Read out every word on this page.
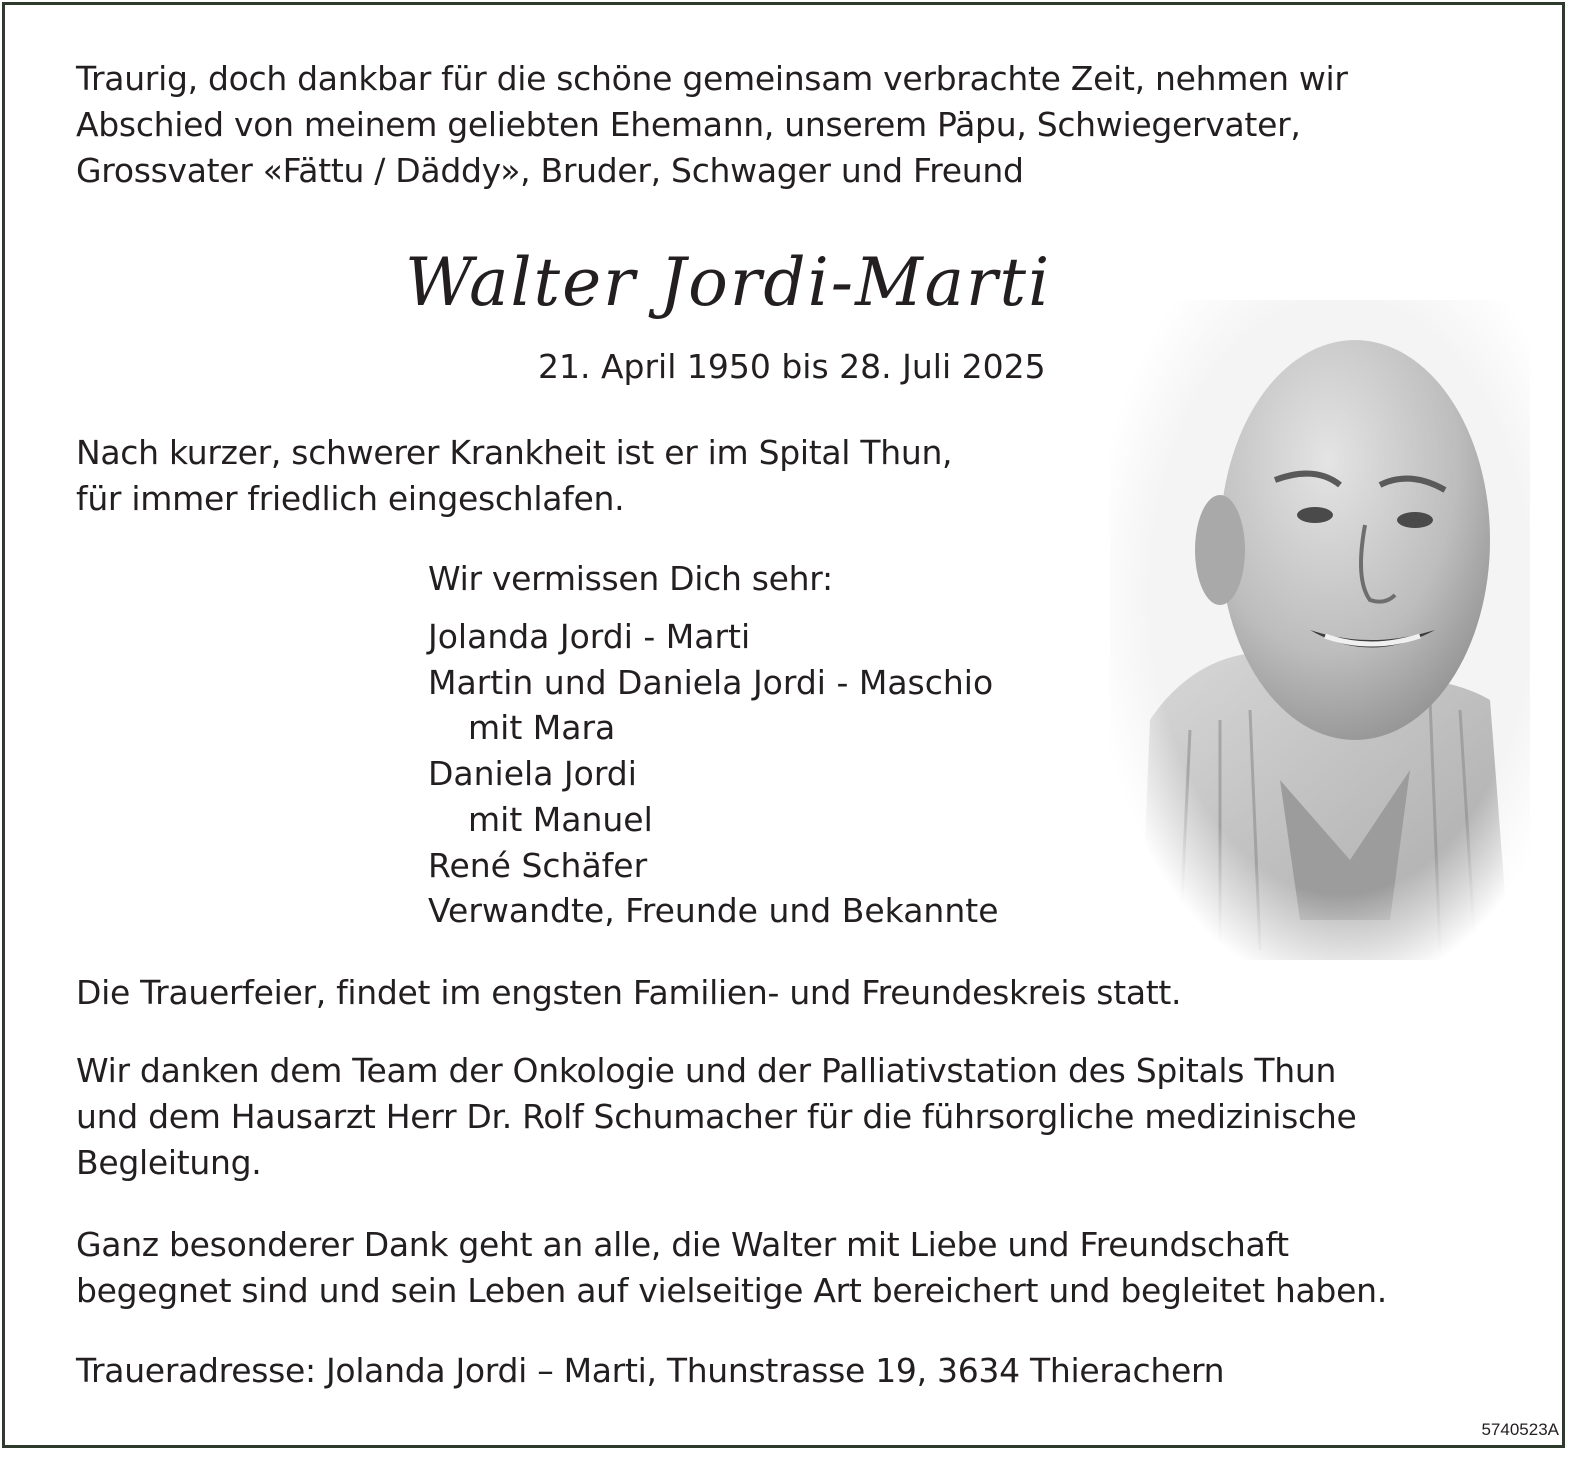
Traurig, doch dankbar für die schöne gemeinsam verbrachte Zeit, nehmen wir
Abschied von meinem geliebten Ehemann, unserem Päpu, Schwiegervater,
Grossvater «Fättu / Däddy», Bruder, Schwager und Freund

Walter Jordi-Marti
21. April 1950 bis 28. Juli 2025

Nach kurzer, schwerer Krankheit ist er im Spital Thun,
für immer friedlich eingeschlafen.

Wir vermissen Dich sehr:

Jolanda Jordi - Marti
Martin und Daniela Jordi - Maschio
mit Mara
Daniela Jordi
mit Manuel
René Schäfer
Verwandte, Freunde und Bekannte

Die Trauerfeier, findet im engsten Familien- und Freundeskreis statt.

Wir danken dem Team der Onkologie und der Palliativstation des Spitals Thun
und dem Hausarzt Herr Dr. Rolf Schumacher für die führsorgliche medizinische
Begleitung.

Ganz besonderer Dank geht an alle, die Walter mit Liebe und Freundschaft
begegnet sind und sein Leben auf vielseitige Art bereichert und begleitet haben.

Traueradresse: Jolanda Jordi – Marti, Thunstrasse 19, 3634 Thierachern

5740523A
